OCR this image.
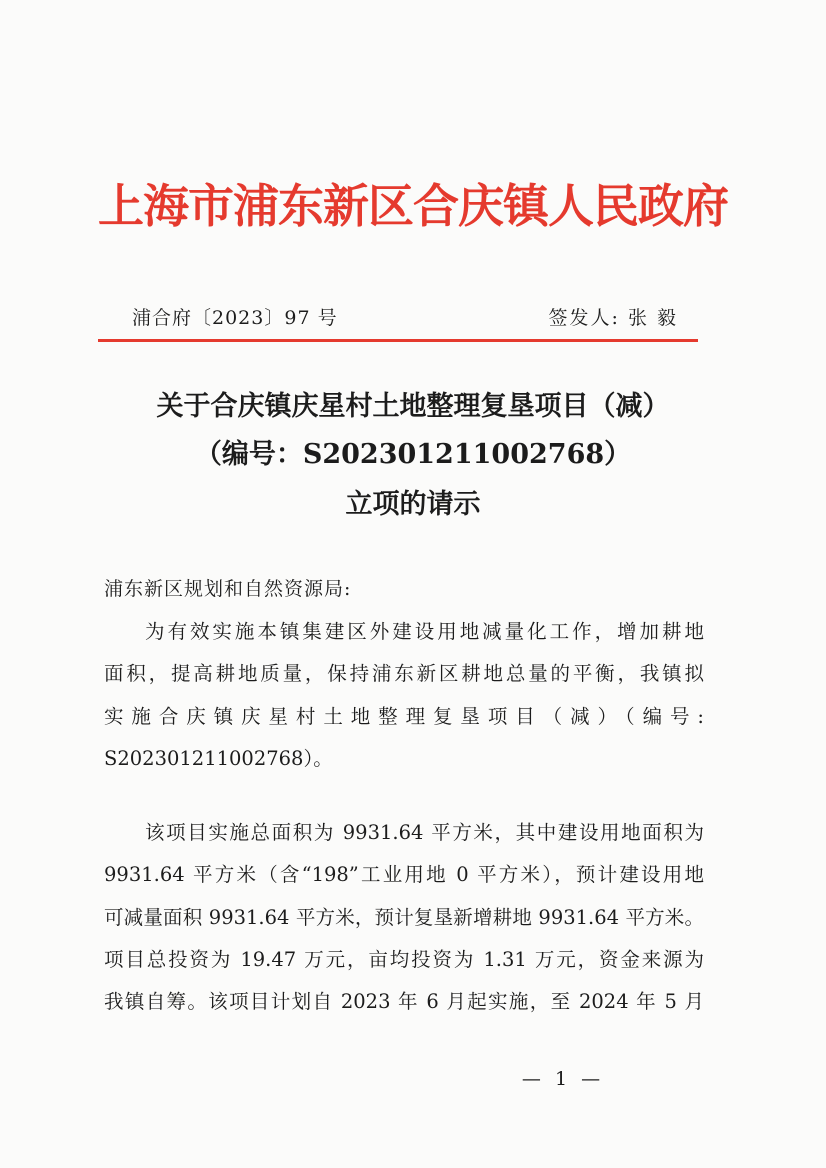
上海市浦东新区合庆镇人民政府
浦合府〔2023〕97 号	签发人: 张 毅
关于合庆镇庆星村土地整理复垦项目（减）
（编号：S202301211002768）
立项的请示
浦东新区规划和自然资源局:
为有效实施本镇集建区外建设用地减量化工作，增加耕地
面积，提高耕地质量，保持浦东新区耕地总量的平衡，我镇拟
实施合庆镇庆星村土地整理复垦项目（减）（编号:
S202301211002768）。
该项目实施总面积为 9931.64 平方米，其中建设用地面积为
9931.64 平方米（含“198”工业用地 0 平方米），预计建设用地
可减量面积 9931.64 平方米，预计复垦新增耕地 9931.64 平方米。
项目总投资为 19.47 万元，亩均投资为 1.31 万元，资金来源为
我镇自筹。该项目计划自 2023 年 6 月起实施，至 2024 年 5 月
— 1 —
